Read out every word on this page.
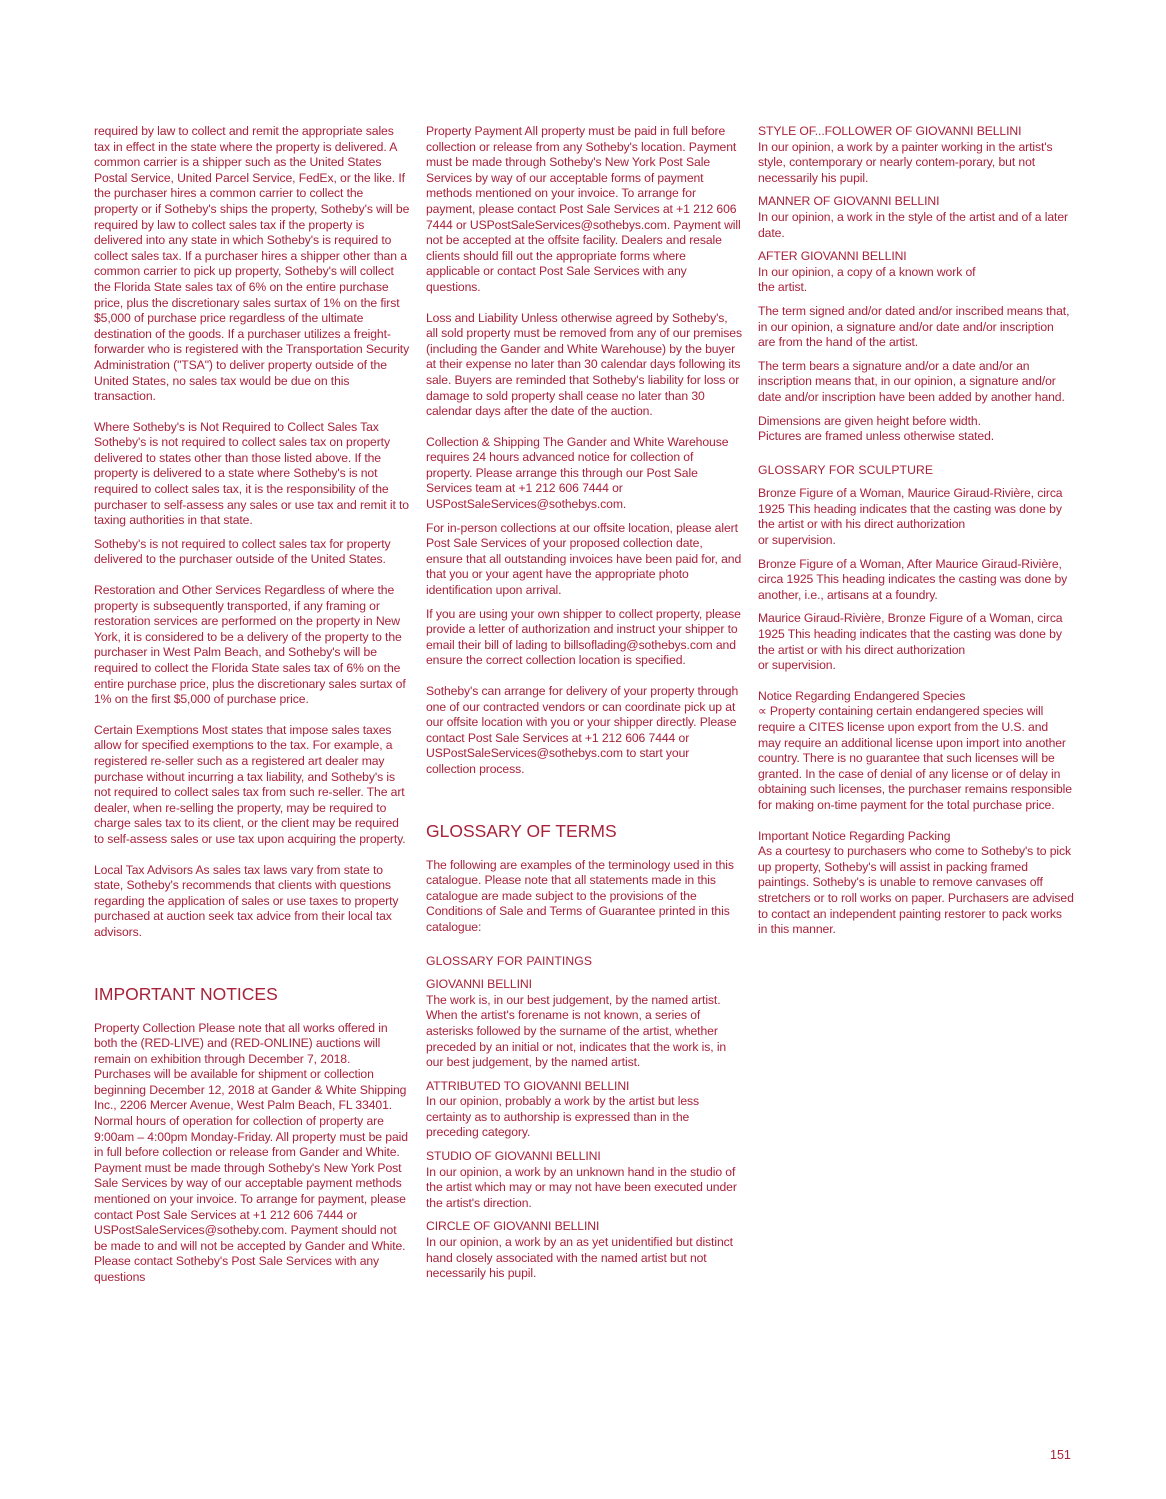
required by law to collect and remit the appropriate sales tax in effect in the state where the property is delivered. A common carrier is a shipper such as the United States Postal Service, United Parcel Service, FedEx, or the like. If the purchaser hires a common carrier to collect the property or if Sotheby's ships the property, Sotheby's will be required by law to collect sales tax if the property is delivered into any state in which Sotheby's is required to collect sales tax. If a purchaser hires a shipper other than a common carrier to pick up property, Sotheby's will collect the Florida State sales tax of 6% on the entire purchase price, plus the discretionary sales surtax of 1% on the first $5,000 of purchase price regardless of the ultimate destination of the goods. If a purchaser utilizes a freight-forwarder who is registered with the Transportation Security Administration ("TSA") to deliver property outside of the United States, no sales tax would be due on this transaction.

Where Sotheby's is Not Required to Collect Sales Tax Sotheby's is not required to collect sales tax on property delivered to states other than those listed above. If the property is delivered to a state where Sotheby's is not required to collect sales tax, it is the responsibility of the purchaser to self-assess any sales or use tax and remit it to taxing authorities in that state.

Sotheby's is not required to collect sales tax for property delivered to the purchaser outside of the United States.

Restoration and Other Services Regardless of where the property is subsequently transported, if any framing or restoration services are performed on the property in New York, it is considered to be a delivery of the property to the purchaser in West Palm Beach, and Sotheby's will be required to collect the Florida State sales tax of 6% on the entire purchase price, plus the discretionary sales surtax of 1% on the first $5,000 of purchase price.

Certain Exemptions Most states that impose sales taxes allow for specified exemptions to the tax. For example, a registered re-seller such as a registered art dealer may purchase without incurring a tax liability, and Sotheby's is not required to collect sales tax from such re-seller. The art dealer, when re-selling the property, may be required to charge sales tax to its client, or the client may be required to self-assess sales or use tax upon acquiring the property.

Local Tax Advisors As sales tax laws vary from state to state, Sotheby's recommends that clients with questions regarding the application of sales or use taxes to property purchased at auction seek tax advice from their local tax advisors.

IMPORTANT NOTICES

Property Collection Please note that all works offered in both the (RED-LIVE) and (RED-ONLINE) auctions will remain on exhibition through December 7, 2018. Purchases will be available for shipment or collection beginning December 12, 2018 at Gander & White Shipping Inc., 2206 Mercer Avenue, West Palm Beach, FL 33401. Normal hours of operation for collection of property are 9:00am – 4:00pm Monday-Friday. All property must be paid in full before collection or release from Gander and White. Payment must be made through Sotheby's New York Post Sale Services by way of our acceptable payment methods mentioned on your invoice. To arrange for payment, please contact Post Sale Services at +1 212 606 7444 or USPostSaleServices@sotheby.com. Payment should not be made to and will not be accepted by Gander and White. Please contact Sotheby's Post Sale Services with any questions

Property Payment All property must be paid in full before collection or release from any Sotheby's location. Payment must be made through Sotheby's New York Post Sale Services by way of our acceptable forms of payment methods mentioned on your invoice. To arrange for payment, please contact Post Sale Services at +1 212 606 7444 or USPostSaleServices@sothebys.com. Payment will not be accepted at the offsite facility. Dealers and resale clients should fill out the appropriate forms where applicable or contact Post Sale Services with any questions.

Loss and Liability Unless otherwise agreed by Sotheby's, all sold property must be removed from any of our premises (including the Gander and White Warehouse) by the buyer at their expense no later than 30 calendar days following its sale. Buyers are reminded that Sotheby's liability for loss or damage to sold property shall cease no later than 30 calendar days after the date of the auction.

Collection & Shipping The Gander and White Warehouse requires 24 hours advanced notice for collection of property. Please arrange this through our Post Sale Services team at +1 212 606 7444 or USPostSaleServices@sothebys.com.

For in-person collections at our offsite location, please alert Post Sale Services of your proposed collection date, ensure that all outstanding invoices have been paid for, and that you or your agent have the appropriate photo identification upon arrival.

If you are using your own shipper to collect property, please provide a letter of authorization and instruct your shipper to email their bill of lading to billsoflading@sothebys.com and ensure the correct collection location is specified.

Sotheby's can arrange for delivery of your property through one of our contracted vendors or can coordinate pick up at our offsite location with you or your shipper directly. Please contact Post Sale Services at +1 212 606 7444 or USPostSaleServices@sothebys.com to start your collection process.

GLOSSARY OF TERMS

The following are examples of the terminology used in this catalogue. Please note that all statements made in this catalogue are made subject to the provisions of the Conditions of Sale and Terms of Guarantee printed in this catalogue:

GLOSSARY FOR PAINTINGS

GIOVANNI BELLINI
The work is, in our best judgement, by the named artist. When the artist's forename is not known, a series of asterisks followed by the surname of the artist, whether preceded by an initial or not, indicates that the work is, in our best judgement, by the named artist.

ATTRIBUTED TO GIOVANNI BELLINI
In our opinion, probably a work by the artist but less certainty as to authorship is expressed than in the preceding category.

STUDIO OF GIOVANNI BELLINI
In our opinion, a work by an unknown hand in the studio of the artist which may or may not have been executed under the artist's direction.

CIRCLE OF GIOVANNI BELLINI
In our opinion, a work by an as yet unidentified but distinct hand closely associated with the named artist but not necessarily his pupil.

STYLE OF...FOLLOWER OF GIOVANNI BELLINI
In our opinion, a work by a painter working in the artist's style, contemporary or nearly contem-porary, but not necessarily his pupil.

MANNER OF GIOVANNI BELLINI
In our opinion, a work in the style of the artist and of a later date.

AFTER GIOVANNI BELLINI
In our opinion, a copy of a known work of
the artist.

The term signed and/or dated and/or inscribed means that, in our opinion, a signature and/or date and/or inscription are from the hand of the artist.

The term bears a signature and/or a date and/or an inscription means that, in our opinion, a signature and/or date and/or inscription have been added by another hand.

Dimensions are given height before width.
Pictures are framed unless otherwise stated.

GLOSSARY FOR SCULPTURE

Bronze Figure of a Woman, Maurice Giraud-Rivière, circa 1925 This heading indicates that the casting was done by
the artist or with his direct authorization
or supervision.

Bronze Figure of a Woman, After Maurice Giraud-Rivière, circa 1925 This heading indicates the casting was done by another, i.e., artisans at a foundry.

Maurice Giraud-Rivière, Bronze Figure of a Woman, circa 1925 This heading indicates that the casting was done by
the artist or with his direct authorization
or supervision.

Notice Regarding Endangered Species
∝ Property containing certain endangered species will require a CITES license upon export from the U.S. and may require an additional license upon import into another country. There is no guarantee that such licenses will be granted. In the case of denial of any license or of delay in obtaining such licenses, the purchaser remains responsible for making on-time payment for the total purchase price.

Important Notice Regarding Packing
As a courtesy to purchasers who come to Sotheby's to pick up property, Sotheby's will assist in packing framed paintings. Sotheby's is unable to remove canvases off stretchers or to roll works on paper. Purchasers are advised to contact an independent painting restorer to pack works in this manner.

151
